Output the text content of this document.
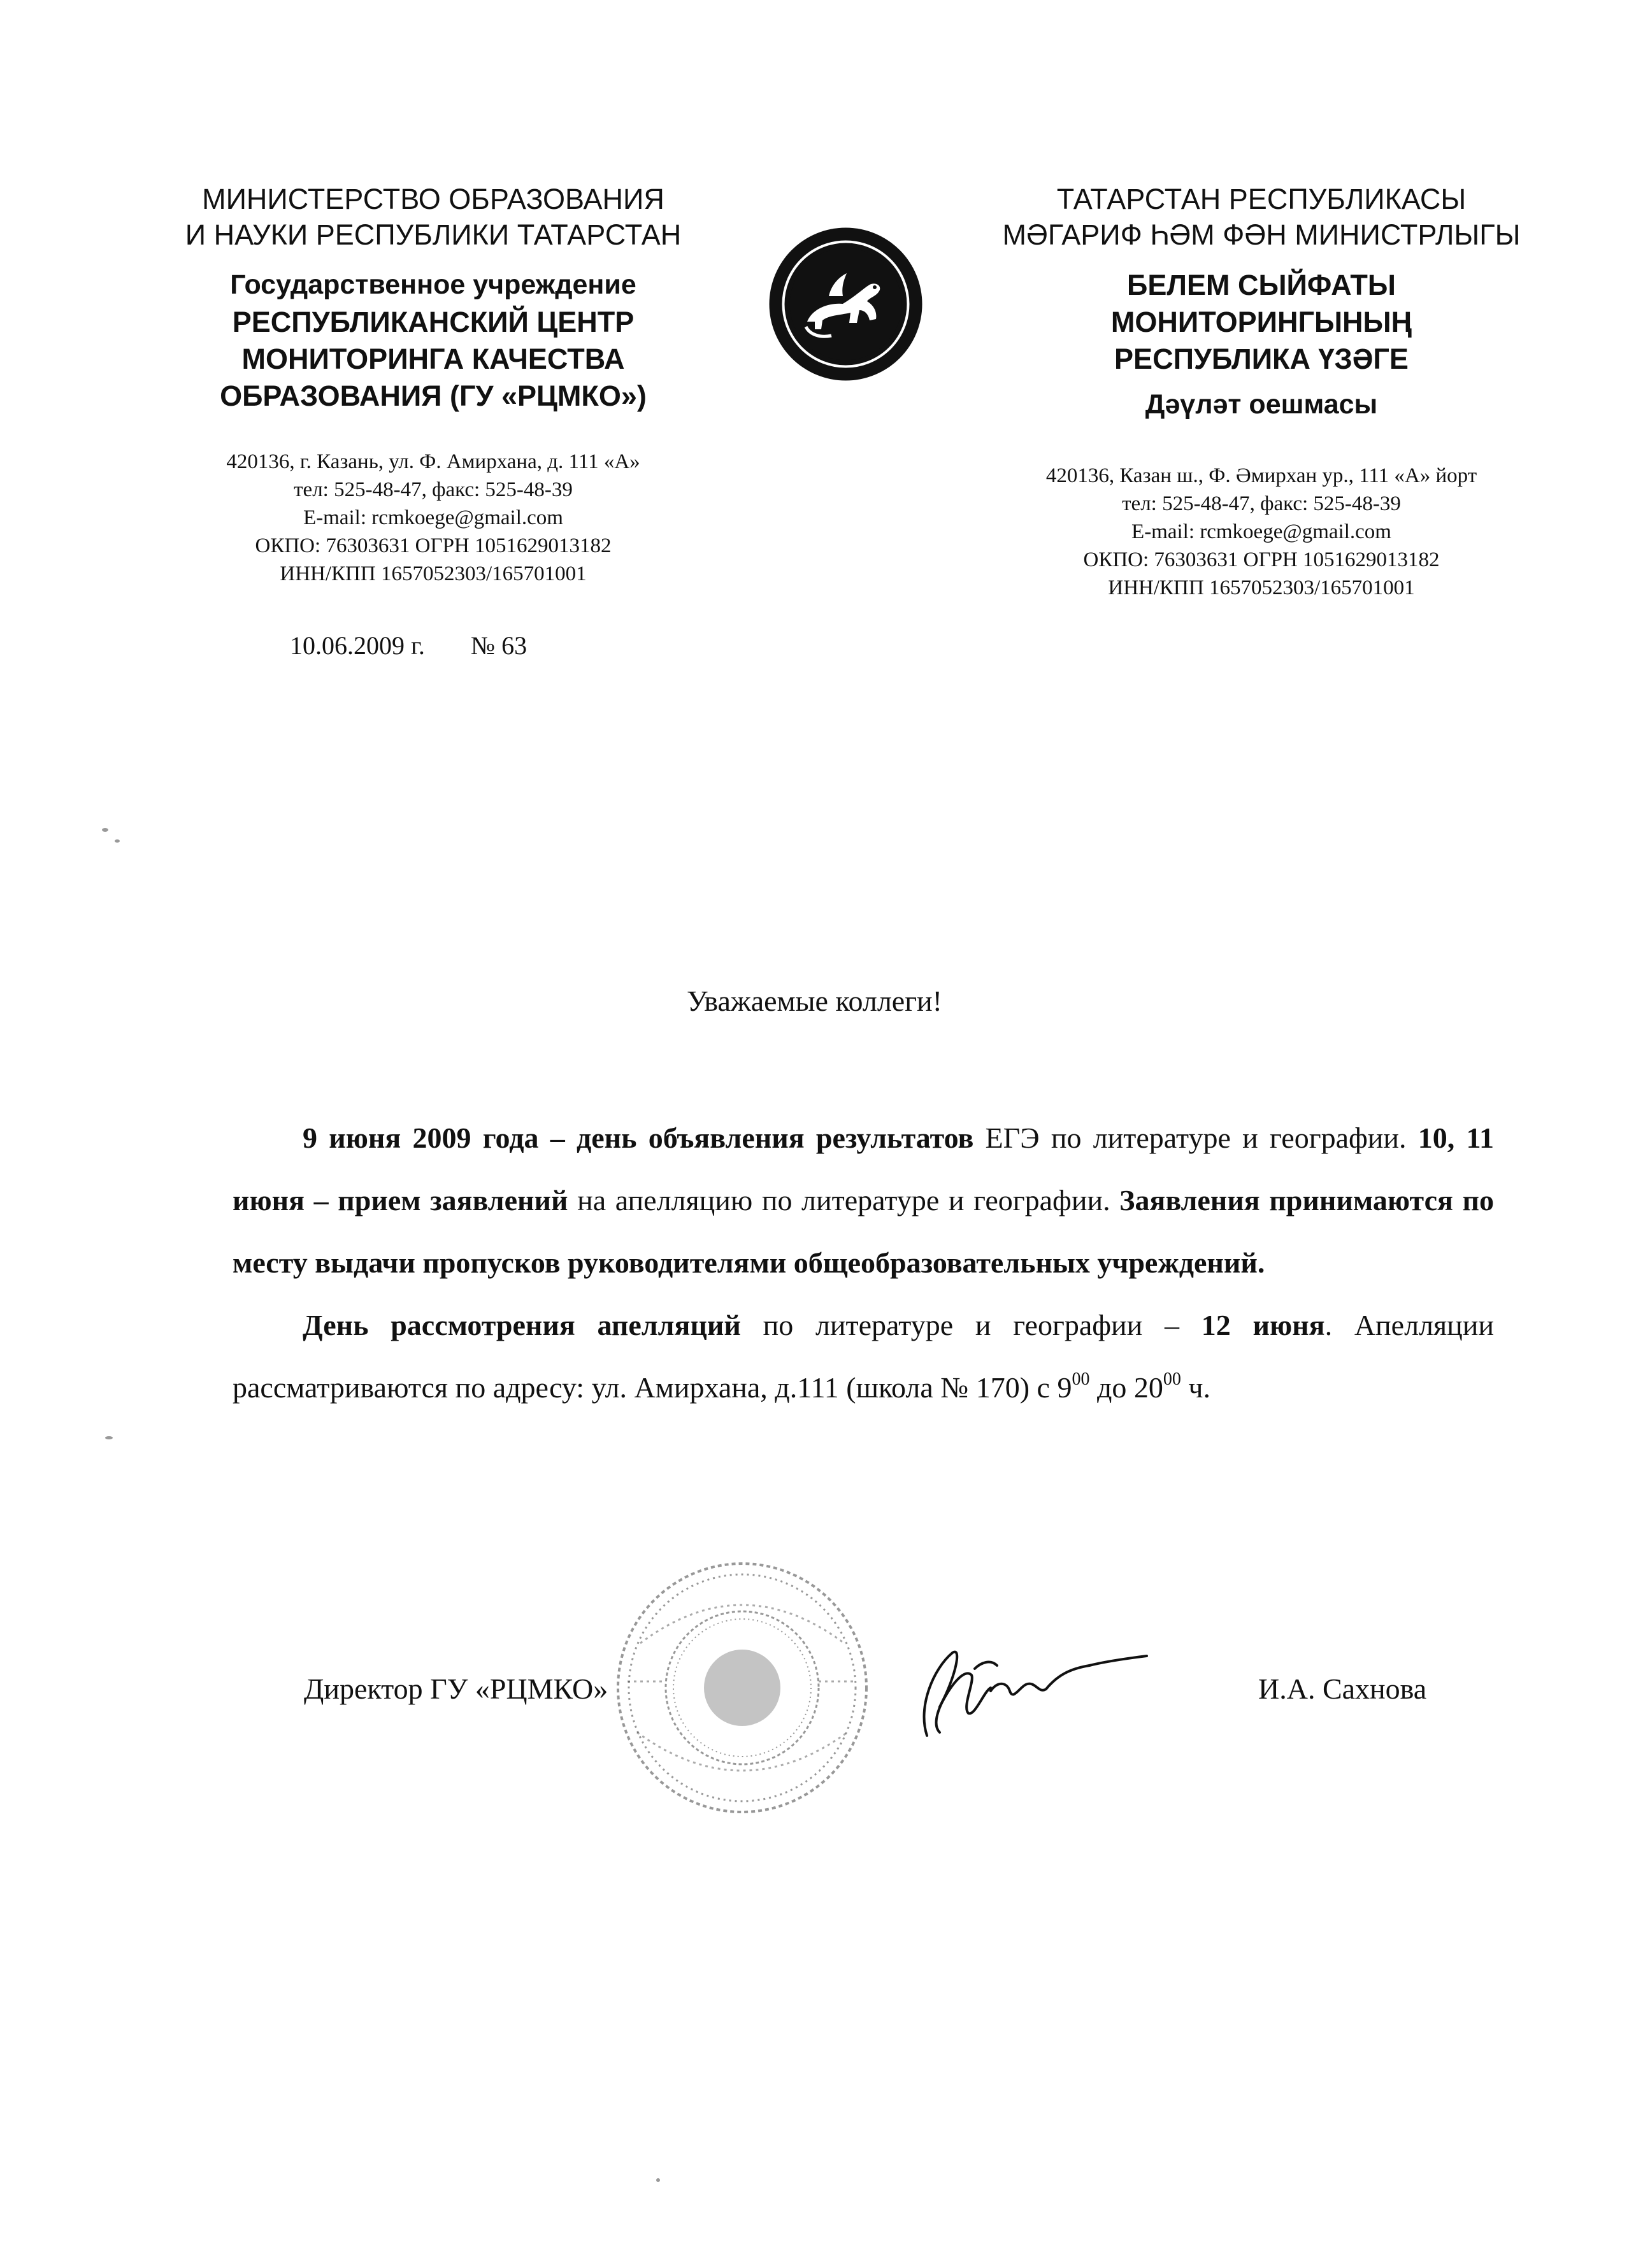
МИНИСТЕРСТВО ОБРАЗОВАНИЯ
И НАУКИ РЕСПУБЛИКИ ТАТАРСТАН
Государственное учреждение
РЕСПУБЛИКАНСКИЙ ЦЕНТР
МОНИТОРИНГА КАЧЕСТВА
ОБРАЗОВАНИЯ (ГУ «РЦМКО»)
420136, г. Казань, ул. Ф. Амирхана, д. 111 «А»
тел: 525-48-47, факс: 525-48-39
E-mail: rcmkoege@gmail.com
ОКПО: 76303631 ОГРН 1051629013182
ИНН/КПП 1657052303/165701001
ТАТАРСТАН РЕСПУБЛИКАСЫ
МӘГАРИФ ҺӘМ ФӘН МИНИСТРЛЫГЫ
БЕЛЕМ СЫЙФАТЫ
МОНИТОРИНГЫНЫҢ
РЕСПУБЛИКА ҮЗӘГЕ
Дәүләт оешмасы
420136, Казан ш., Ф. Әмирхан ур., 111 «А» йорт
тел: 525-48-47, факс: 525-48-39
E-mail: rcmkoege@gmail.com
ОКПО: 76303631 ОГРН 1051629013182
ИНН/КПП 1657052303/165701001
10.06.2009 г. № 63
Уважаемые коллеги!

9 июня 2009 года – день объявления результатов ЕГЭ по литературе и географии. 10, 11 июня – прием заявлений на апелляцию по литературе и географии. Заявления принимаются по месту выдачи пропусков руководителями общеобразовательных учреждений.

День рассмотрения апелляций по литературе и географии – 12 июня. Апелляции рассматриваются по адресу: ул. Амирхана, д.111 (школа № 170) с $9^{00}$ до $20^{00}$ ч.

Директор ГУ «РЦМКО»	И.А. Сахнова
